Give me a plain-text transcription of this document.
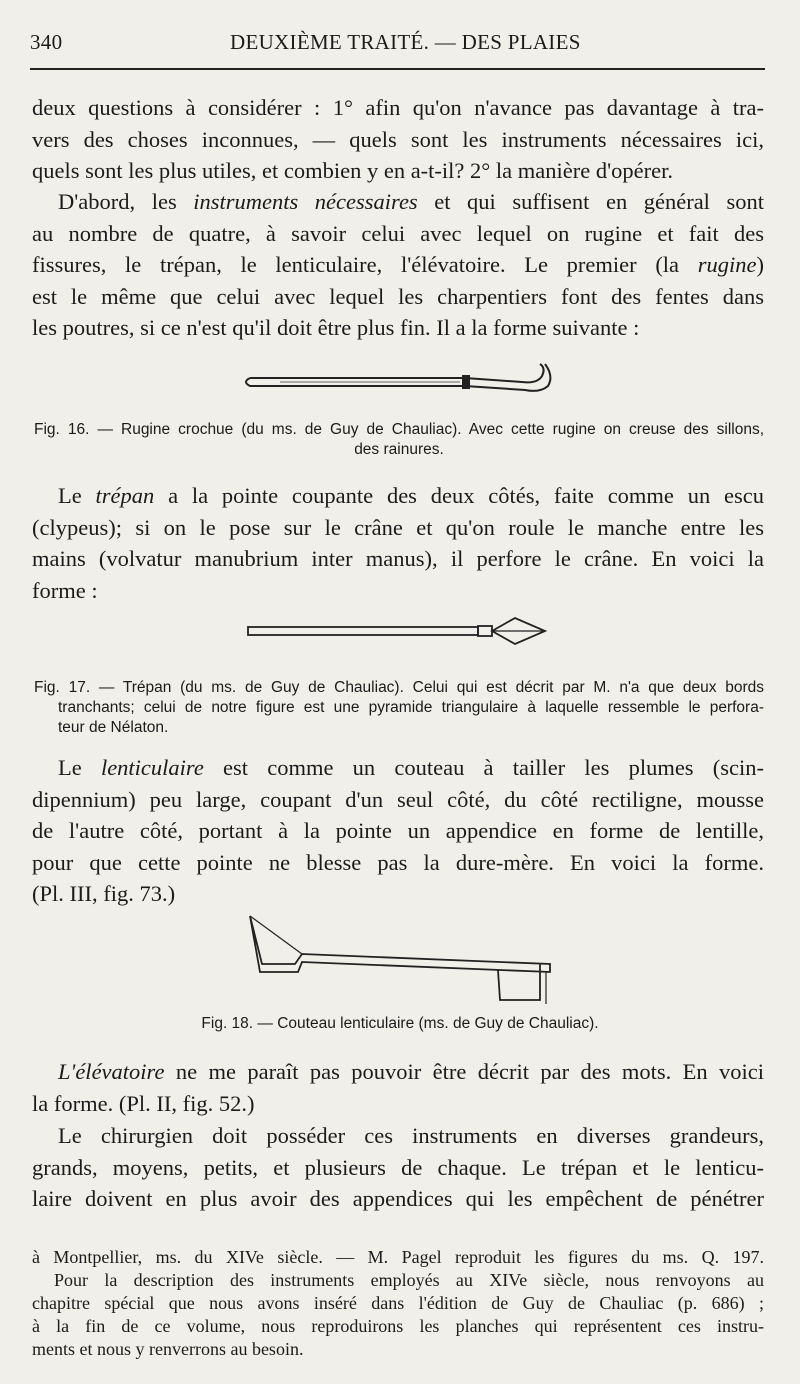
340	DEUXIÈME TRAITÉ. — DES PLAIES
deux questions à considérer : 1° afin qu'on n'avance pas davantage à tra-
vers des choses inconnues, — quels sont les instruments nécessaires ici,
quels sont les plus utiles, et combien y en a-t-il? 2° la manière d'opérer.
D'abord, les instruments nécessaires et qui suffisent en général sont
au nombre de quatre, à savoir celui avec lequel on rugine et fait des
fissures, le trépan, le lenticulaire, l'élévatoire. Le premier (la rugine)
est le même que celui avec lequel les charpentiers font des fentes dans
les poutres, si ce n'est qu'il doit être plus fin. Il a la forme suivante :
Fig. 16. — Rugine crochue (du ms. de Guy de Chauliac). Avec cette rugine on creuse des sillons,
des rainures.
Le trépan a la pointe coupante des deux côtés, faite comme un escu
(clypeus); si on le pose sur le crâne et qu'on roule le manche entre les
mains (volvatur manubrium inter manus), il perfore le crâne. En voici la
forme :
Fig. 17. — Trépan (du ms. de Guy de Chauliac). Celui qui est décrit par M. n'a que deux bords
tranchants; celui de notre figure est une pyramide triangulaire à laquelle ressemble le perfora-
teur de Nélaton.
Le lenticulaire est comme un couteau à tailler les plumes (scin-
dipennium) peu large, coupant d'un seul côté, du côté rectiligne, mousse
de l'autre côté, portant à la pointe un appendice en forme de lentille,
pour que cette pointe ne blesse pas la dure-mère. En voici la forme.
(Pl. III, fig. 73.)
Fig. 18. — Couteau lenticulaire (ms. de Guy de Chauliac).
L'élévatoire ne me paraît pas pouvoir être décrit par des mots. En voici
la forme. (Pl. II, fig. 52.)
Le chirurgien doit posséder ces instruments en diverses grandeurs,
grands, moyens, petits, et plusieurs de chaque. Le trépan et le lenticu-
laire doivent en plus avoir des appendices qui les empêchent de pénétrer
à Montpellier, ms. du XIVe siècle. — M. Pagel reproduit les figures du ms. Q. 197.
Pour la description des instruments employés au XIVe siècle, nous renvoyons au
chapitre spécial que nous avons inséré dans l'édition de Guy de Chauliac (p. 686) ;
à la fin de ce volume, nous reproduirons les planches qui représentent ces instru-
ments et nous y renverrons au besoin.
